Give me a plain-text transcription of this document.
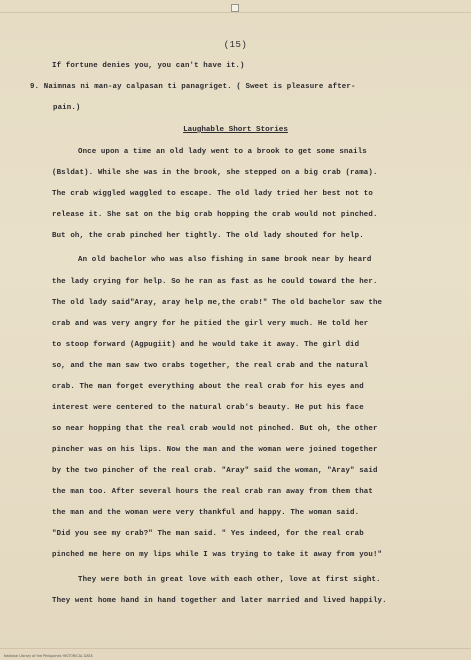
(15)
If fortune denies you, you can't have it.)
9. Naimnas ni man-ay calpasan ti panagriget. ( Sweet is pleasure after-
pain.)
Laughable Short Stories
Once upon a time an old lady went to a brook to get some snails
(Bsldat). While she was in the brook, she stepped on a big crab (rama).
The crab wiggled waggled to escape. The old lady tried her best not to
release it. She sat on the big crab hopping the crab would not pinched.
But oh, the crab pinched her tightly. The old lady shouted for help.
An old bachelor who was also fishing in same brook near by heard
the lady crying for help. So he ran as fast as he could toward the her.
The old lady said"Aray, aray help me,the crab!" The old bachelor saw the
crab and was very angry for he pitied the girl very much. He told her
to stoop forward (Agpugiit) and he would take it away. The girl did
so, and the man saw two crabs together, the real crab and the natural
crab. The man forget everything about the real crab for his eyes and
interest were centered to the natural crab's beauty. He put his face
so near hopping that the real crab would not pinched. But oh, the other
pincher was on his lips. Now the man and the woman were joined together
by the two pincher of the real crab. "Aray" said the woman, "Aray" said
the man too. After several hours the real crab ran away from them that
the man and the woman were very thankful and happy. The woman said.
"Did you see my crab?" The man said. " Yes indeed, for the real crab
pinched me here on my lips while I was trying to take it away from you!"
They were both in great love with each other, love at first sight.
They went home hand in hand together and later married and lived happily.
National Library of the Philippines HISTORICAL DATA
